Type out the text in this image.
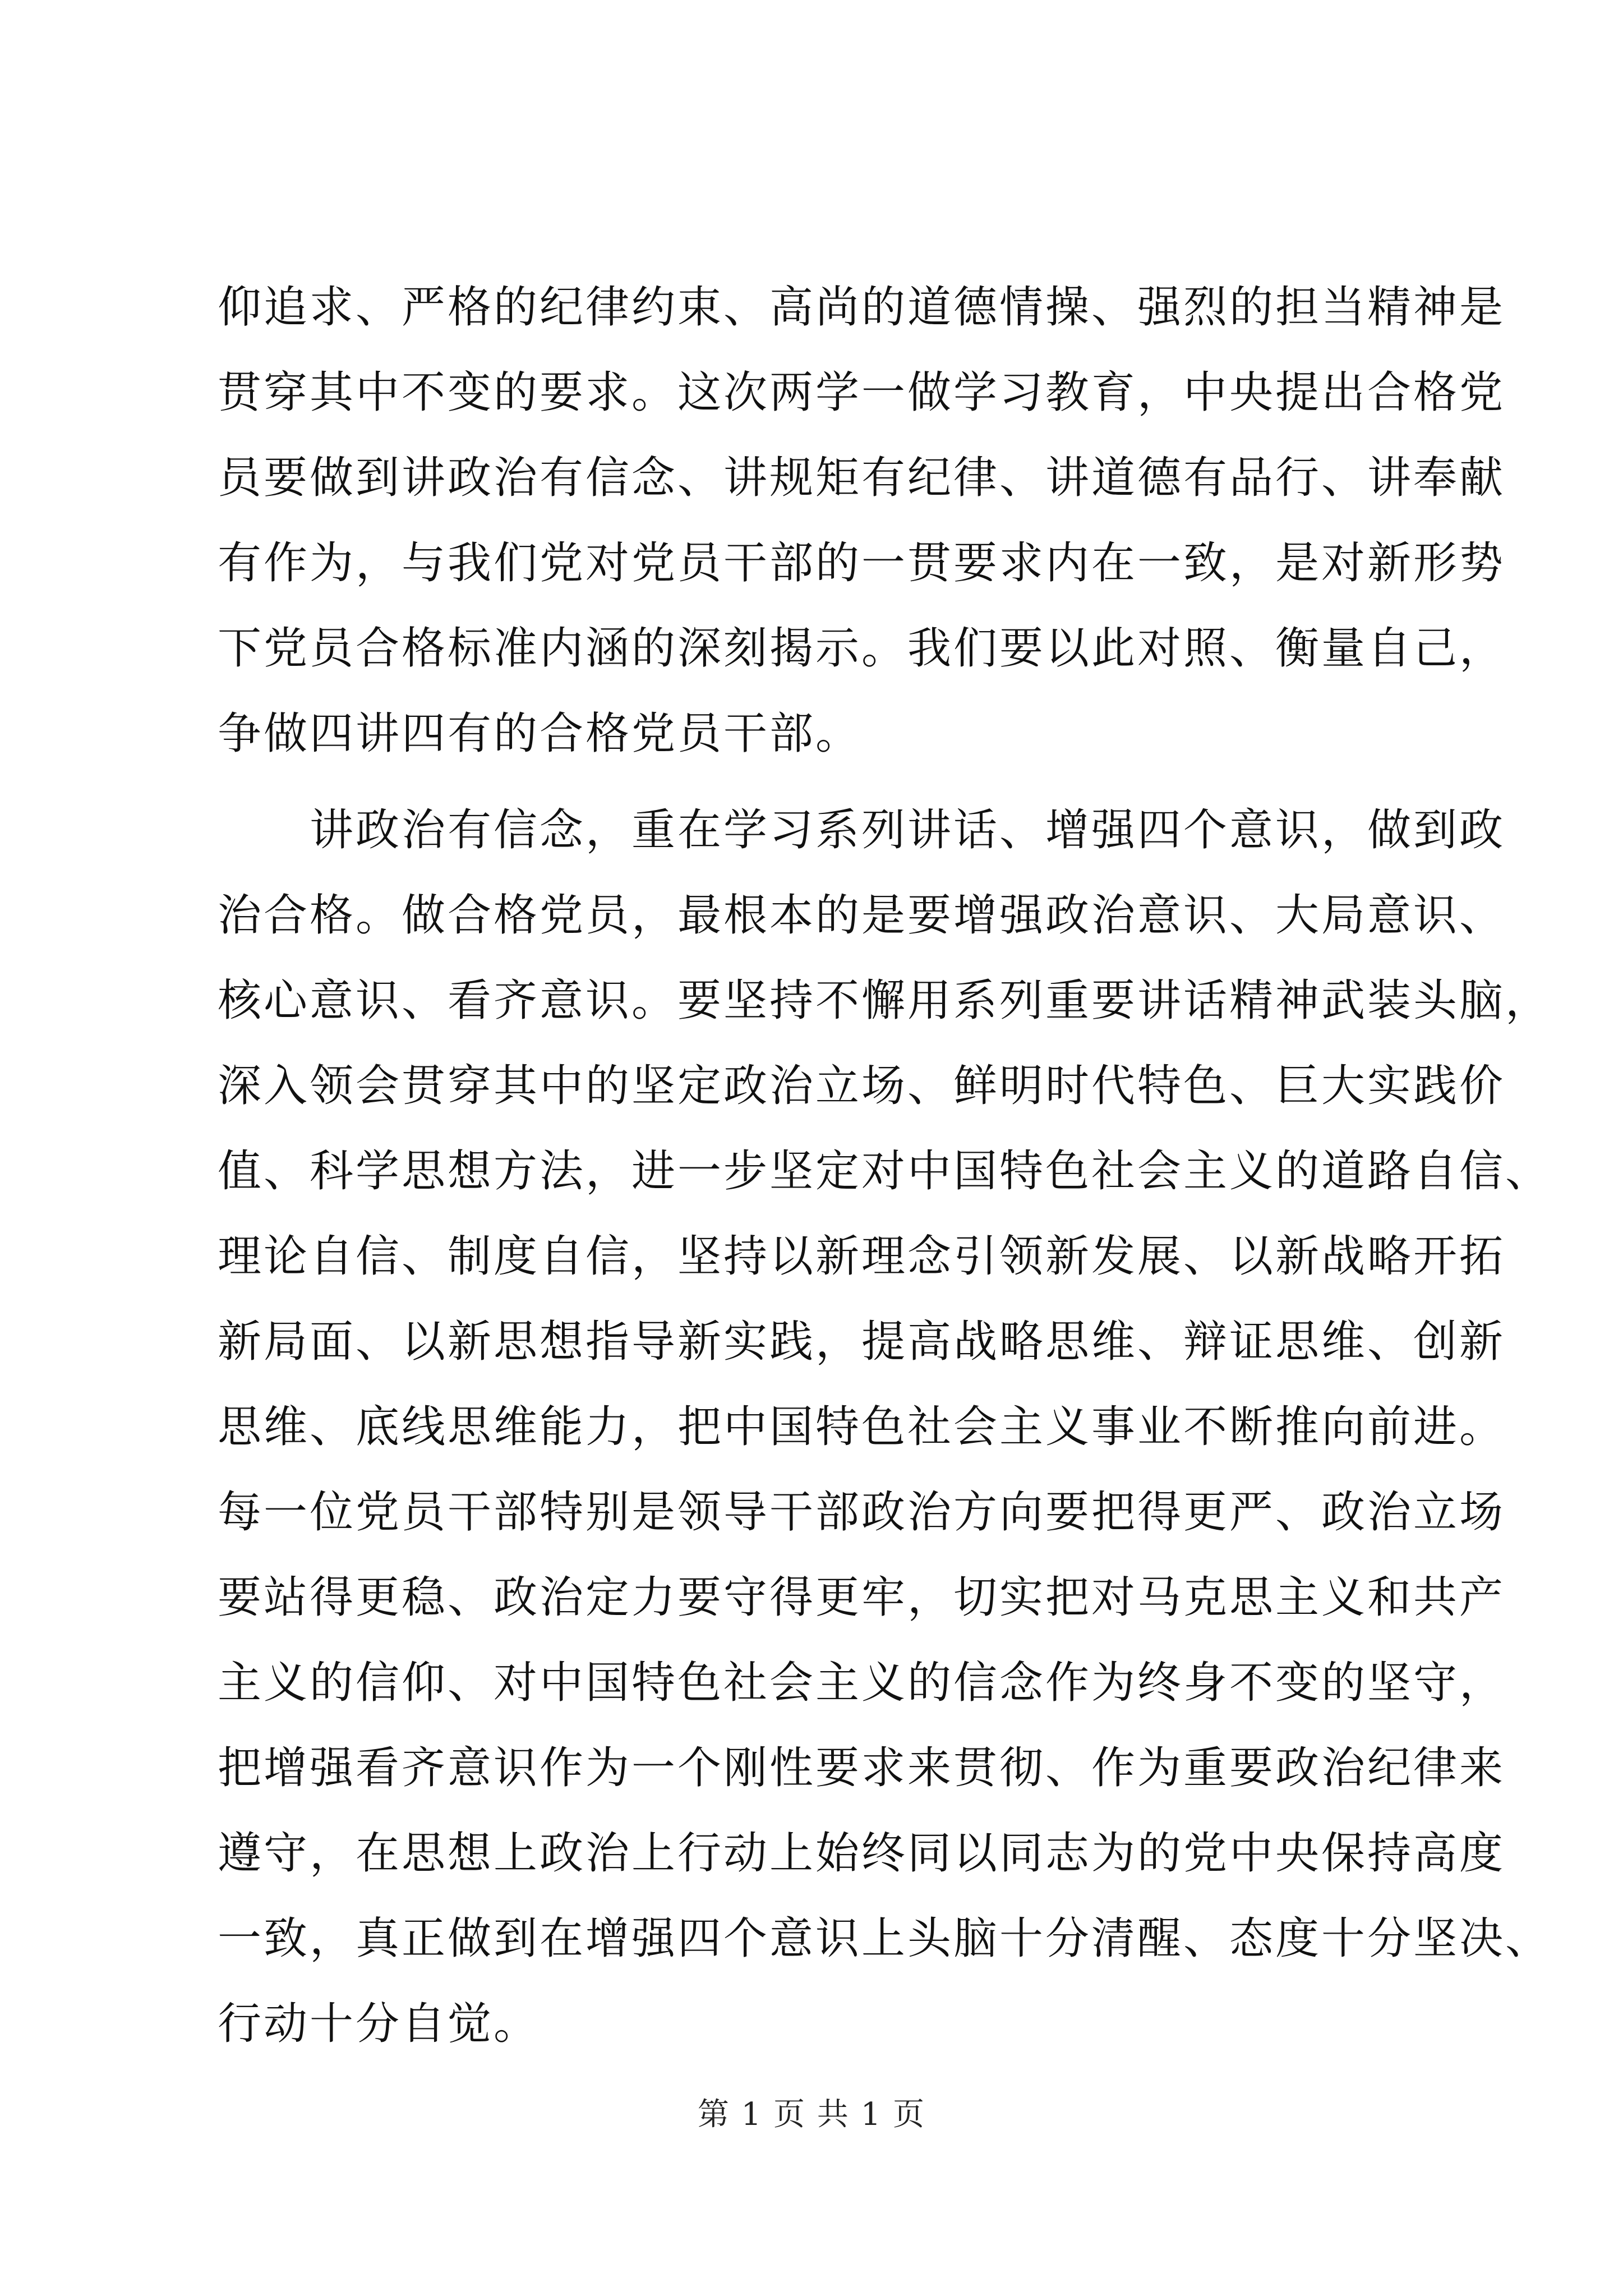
仰追求、严格的纪律约束、高尚的道德情操、强烈的担当精神是
贯穿其中不变的要求。这次两学一做学习教育，中央提出合格党
员要做到讲政治有信念、讲规矩有纪律、讲道德有品行、讲奉献
有作为，与我们党对党员干部的一贯要求内在一致，是对新形势
下党员合格标准内涵的深刻揭示。我们要以此对照、衡量自己，
争做四讲四有的合格党员干部。
讲政治有信念，重在学习系列讲话、增强四个意识，做到政
治合格。做合格党员，最根本的是要增强政治意识、大局意识、
核心意识、看齐意识。要坚持不懈用系列重要讲话精神武装头脑，
深入领会贯穿其中的坚定政治立场、鲜明时代特色、巨大实践价
值、科学思想方法，进一步坚定对中国特色社会主义的道路自信、
理论自信、制度自信，坚持以新理念引领新发展、以新战略开拓
新局面、以新思想指导新实践，提高战略思维、辩证思维、创新
思维、底线思维能力，把中国特色社会主义事业不断推向前进。
每一位党员干部特别是领导干部政治方向要把得更严、政治立场
要站得更稳、政治定力要守得更牢，切实把对马克思主义和共产
主义的信仰、对中国特色社会主义的信念作为终身不变的坚守，
把增强看齐意识作为一个刚性要求来贯彻、作为重要政治纪律来
遵守，在思想上政治上行动上始终同以同志为的党中央保持高度
一致，真正做到在增强四个意识上头脑十分清醒、态度十分坚决、
行动十分自觉。
第 1 页 共 1 页
